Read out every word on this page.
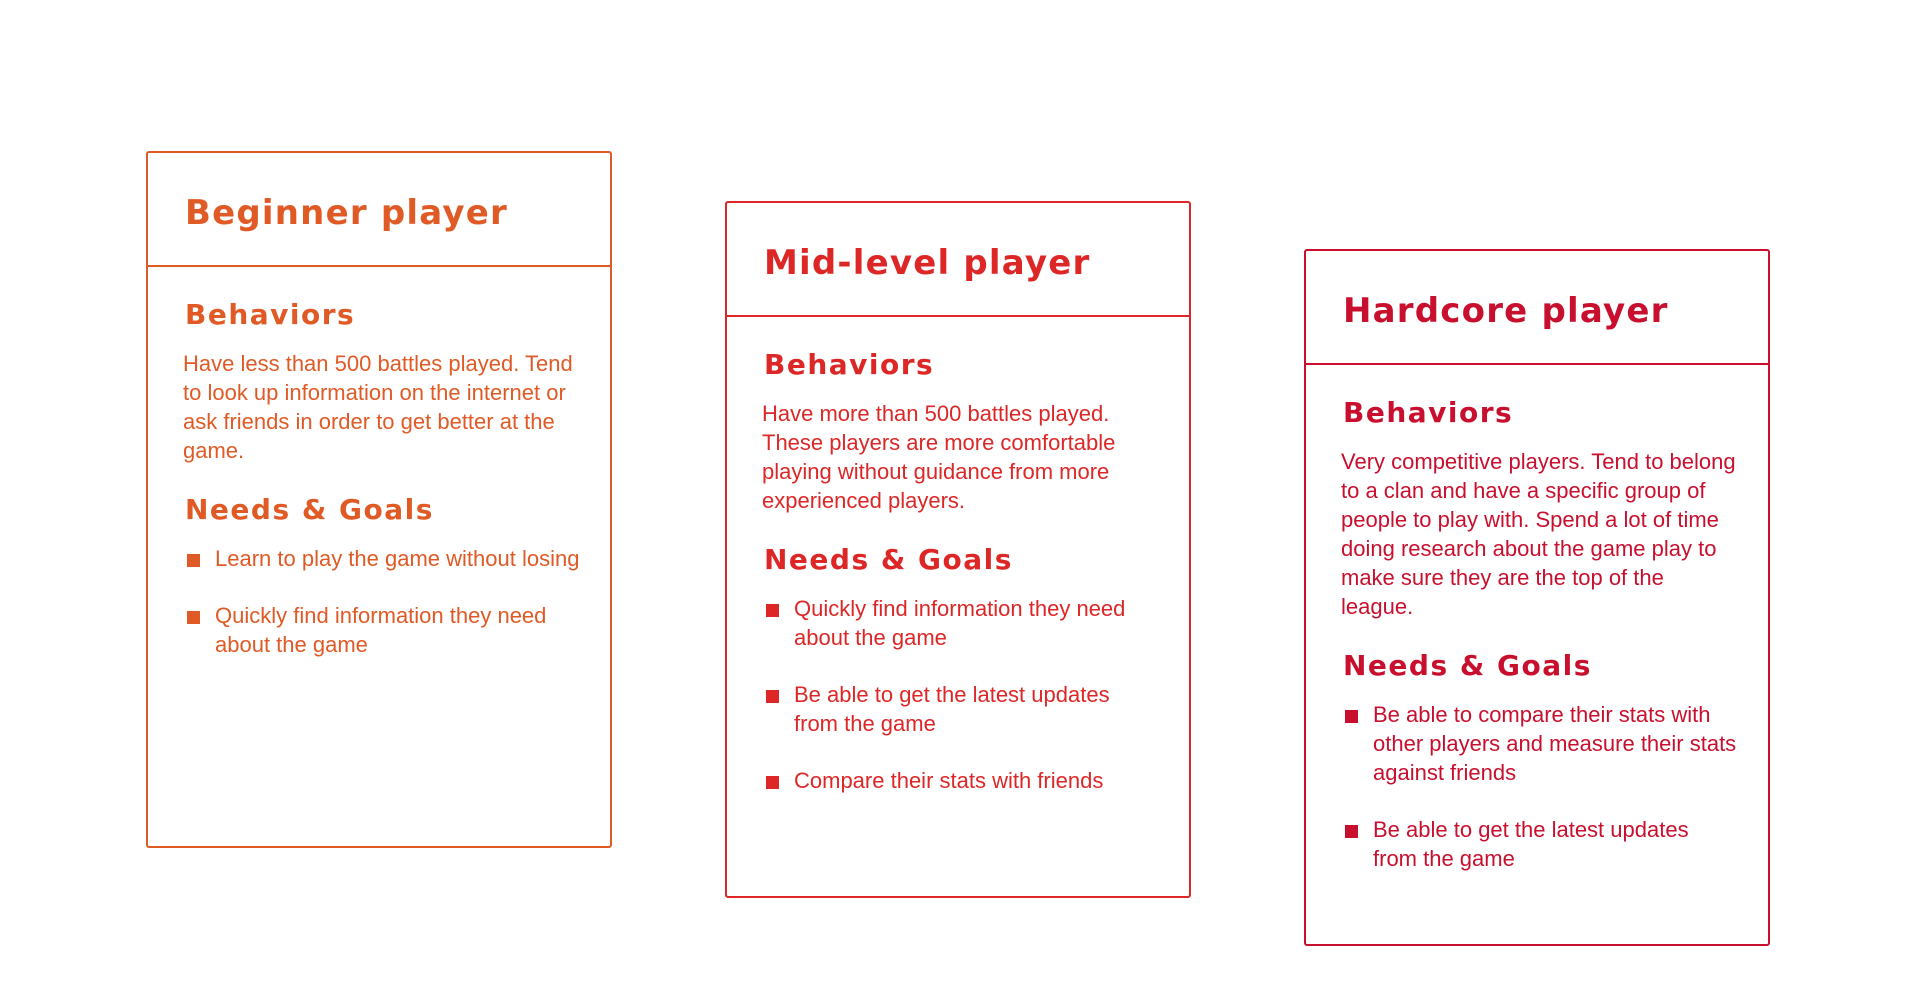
Beginner player
Behaviors

Have less than 500 battles played. Tend to look up information on the internet or ask friends in order to get better at the game.

Needs & Goals
Learn to play the game without losing
Quickly find information they need about the game
Mid-level player
Behaviors

Have more than 500 battles played. These players are more comfortable playing without guidance from more experienced players.

Needs & Goals
Quickly find information they need about the game
Be able to get the latest updates from the game
Compare their stats with friends
Hardcore player
Behaviors

Very competitive players. Tend to belong to a clan and have a specific group of people to play with. Spend a lot of time doing research about the game play to make sure they are the top of the league.

Needs & Goals
Be able to compare their stats with other players and measure their stats against friends
Be able to get the latest updates from the game
